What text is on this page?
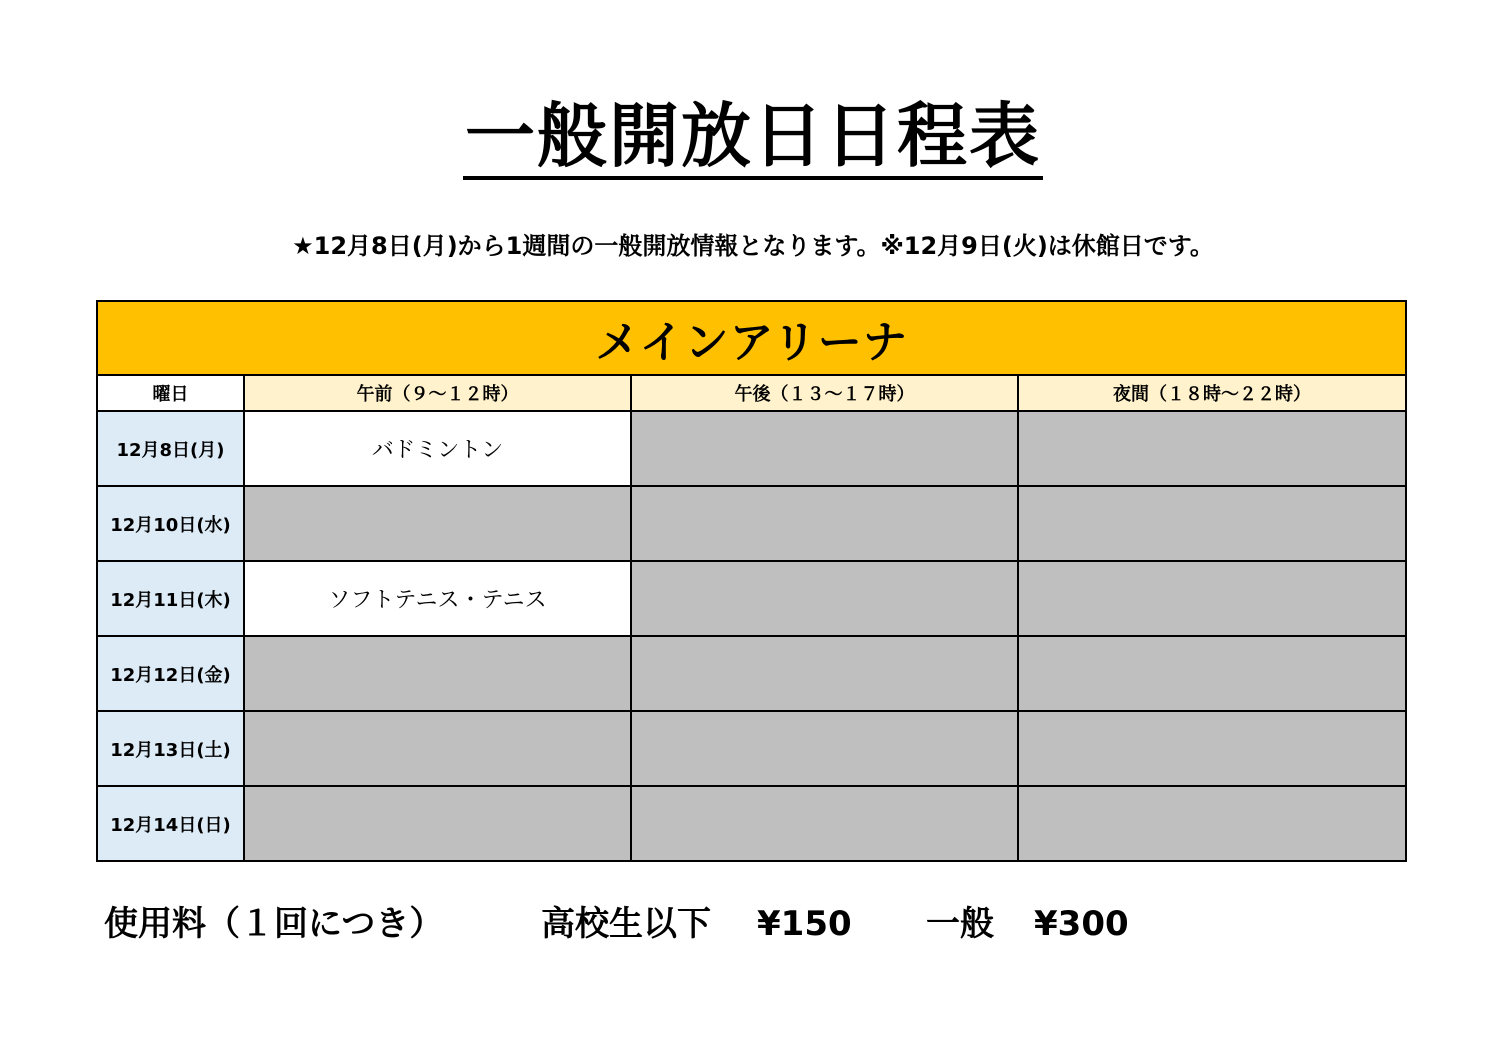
一般開放日日程表
★12月8日(月)から1週間の一般開放情報となります。※12月9日(火)は休館日です。
メインアリーナ			
曜日	午前（９～１２時）	午後（１３～１７時）	夜間（１８時～２２時）
12月8日(月)	バドミントン		
12月10日(水)			
12月11日(木)	ソフトテニス・テニス		
12月12日(金)			
12月13日(土)			
12月14日(日)			
使用料（１回につき）	高校生以下 ¥150 一般 ¥300
